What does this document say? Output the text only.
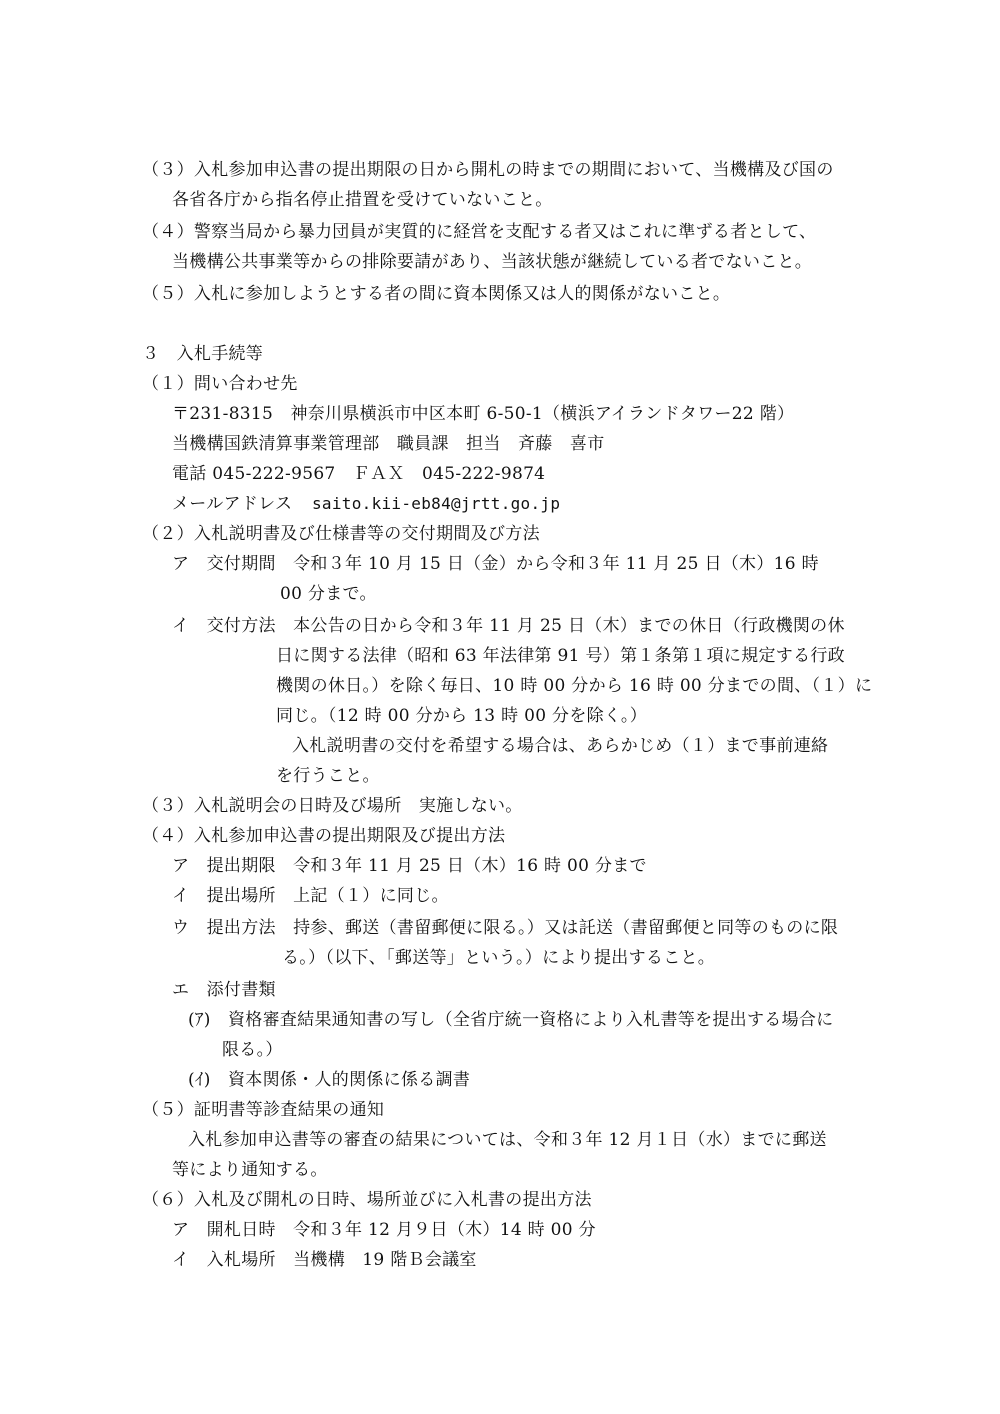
（３）入札参加申込書の提出期限の日から開札の時までの期間において、当機構及び国の
各省各庁から指名停止措置を受けていないこと。
（４）警察当局から暴力団員が実質的に経営を支配する者又はこれに準ずる者として、
当機構公共事業等からの排除要請があり、当該状態が継続している者でないこと。
（５）入札に参加しようとする者の間に資本関係又は人的関係がないこと。
３　入札手続等
（１）問い合わせ先
〒231-8315　神奈川県横浜市中区本町 6-50-1（横浜アイランドタワー22 階）
当機構国鉄清算事業管理部　職員課　担当　斉藤　喜市
電話 045‐222‐9567　ＦＡＸ　045‐222‐9874
メールアドレス saito.kii-eb84@jrtt.go.jp
（２）入札説明書及び仕様書等の交付期間及び方法
ア　交付期間　令和３年 10 月 15 日（金）から令和３年 11 月 25 日（木）16 時
00 分まで。
イ　交付方法　本公告の日から令和３年 11 月 25 日（木）までの休日（行政機関の休
日に関する法律（昭和 63 年法律第 91 号）第１条第１項に規定する行政
機関の休日。）を除く毎日、10 時 00 分から 16 時 00 分までの間、（１）に
同じ。（12 時 00 分から 13 時 00 分を除く。）
入札説明書の交付を希望する場合は、あらかじめ（１）まで事前連絡
を行うこと。
（３）入札説明会の日時及び場所　実施しない。
（４）入札参加申込書の提出期限及び提出方法
ア　提出期限　令和３年 11 月 25 日（木）16 時 00 分まで
イ　提出場所　上記（１）に同じ。
ウ　提出方法　持参、郵送（書留郵便に限る。）又は託送（書留郵便と同等のものに限
る。）（以下、「郵送等」という。）により提出すること。
エ　添付書類
(ｱ)　資格審査結果通知書の写し（全省庁統一資格により入札書等を提出する場合に
限る。）
(ｲ)　資本関係・人的関係に係る調書
（５）証明書等診査結果の通知
入札参加申込書等の審査の結果については、令和３年 12 月１日（水）までに郵送
等により通知する。
（６）入札及び開札の日時、場所並びに入札書の提出方法
ア　開札日時　令和３年 12 月９日（木）14 時 00 分
イ　入札場所　当機構　19 階Ｂ会議室
